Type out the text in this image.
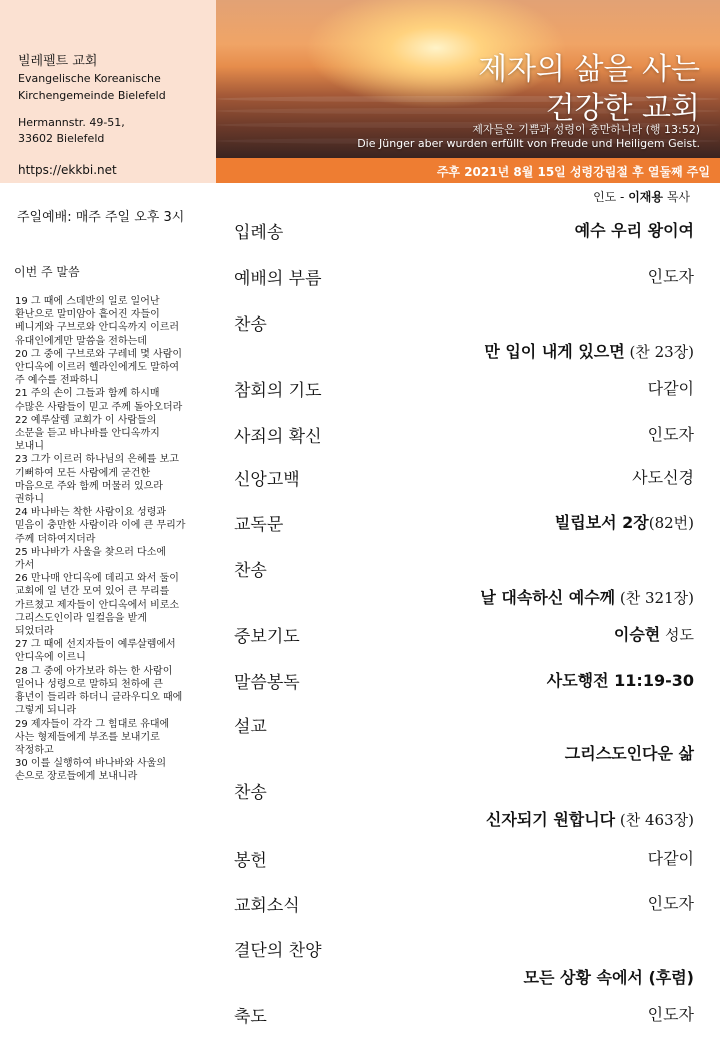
빌레펠트 교회
Evangelische Koreanische
Kirchengemeinde Bielefeld
Hermannstr. 49-51,
33602 Bielefeld
https://ekkbi.net
제자의 삶을 사는
건강한 교회
제자들은 기쁨과 성령이 충만하니라 (행 13:52)
Die Jünger aber wurden erfüllt von Freude und Heiligem Geist.
주후 2021년 8월 15일 성령강림절 후 열둘째 주일
인도 - 이재용 목사
주일예배: 매주 주일 오후 3시
이번 주 말씀
19 그 때에 스데반의 일로 일어난
환난으로 말미암아 흩어진 자들이
베니게와 구브로와 안디옥까지 이르러
유대인에게만 말씀을 전하는데
20 그 중에 구브로와 구레네 몇 사람이
안디옥에 이르러 헬라인에게도 말하여
주 예수를 전파하니
21 주의 손이 그들과 함께 하시매
수많은 사람들이 믿고 주께 돌아오더라
22 예루살렘 교회가 이 사람들의
소문을 듣고 바나바를 안디옥까지
보내니
23 그가 이르러 하나님의 은혜를 보고
기뻐하여 모든 사람에게 굳건한
마음으로 주와 함께 머물러 있으라
권하니
24 바나바는 착한 사람이요 성령과
믿음이 충만한 사람이라 이에 큰 무리가
주께 더하여지더라
25 바나바가 사울을 찾으러 다소에
가서
26 만나매 안디옥에 데리고 와서 둘이
교회에 일 년간 모여 있어 큰 무리를
가르쳤고 제자들이 안디옥에서 비로소
그리스도인이라 일컬음을 받게
되었더라
27 그 때에 선지자들이 예루살렘에서
안디옥에 이르니
28 그 중에 아가보라 하는 한 사람이
일어나 성령으로 말하되 천하에 큰
흉년이 들리라 하더니 글라우디오 때에
그렇게 되니라
29 제자들이 각각 그 힘대로 유대에
사는 형제들에게 부조를 보내기로
작정하고
30 이를 실행하여 바나바와 사울의
손으로 장로들에게 보내니라
입례송	예수 우리 왕이여
예배의 부름	인도자
찬송
만 입이 내게 있으면 (찬 23장)
참회의 기도	다같이
사죄의 확신	인도자
신앙고백	사도신경
교독문	빌립보서 2장(82번)
찬송
날 대속하신 예수께 (찬 321장)
중보기도	이승현 성도
말씀봉독	사도행전 11:19-30
설교
그리스도인다운 삶
찬송
신자되기 원합니다 (찬 463장)
봉헌	다같이
교회소식	인도자
결단의 찬양
모든 상황 속에서 (후렴)
축도	인도자
